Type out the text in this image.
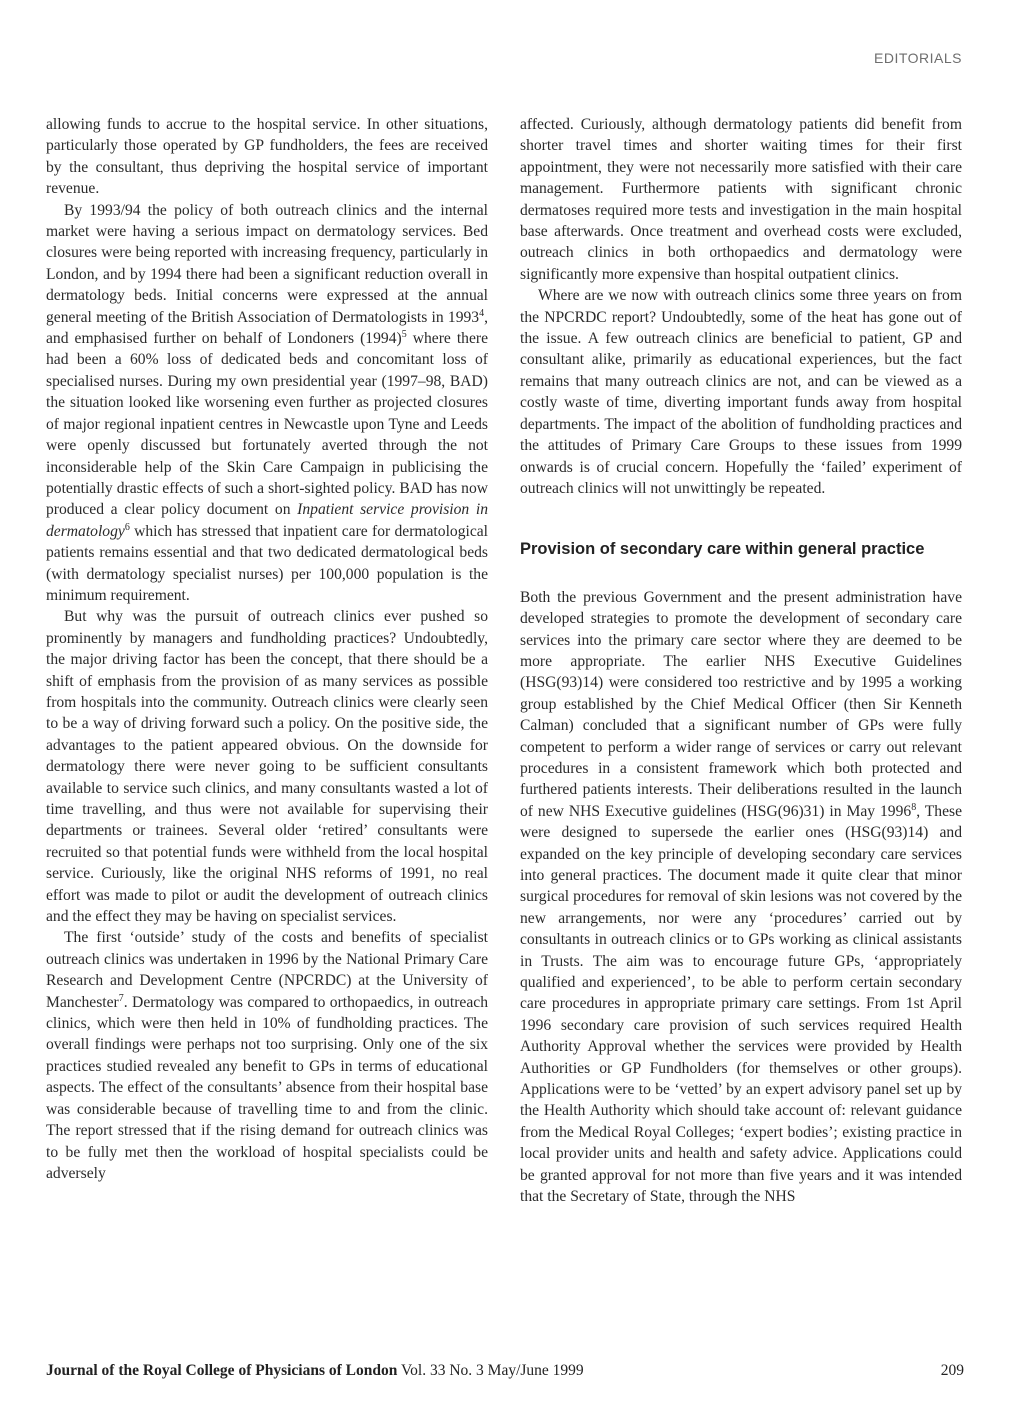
EDITORIALS

allowing funds to accrue to the hospital service. In other situations, particularly those operated by GP fundholders, the fees are received by the consultant, thus depriving the hospital service of important revenue.

By 1993/94 the policy of both outreach clinics and the internal market were having a serious impact on dermatology services. Bed closures were being reported with increasing frequency, particularly in London, and by 1994 there had been a significant reduction overall in dermatology beds. Initial concerns were expressed at the annual general meeting of the British Association of Dermatologists in 1993$^4$, and emphasised further on behalf of Londoners $(1994)^5$ where there had been a 60% loss of dedicated beds and concomitant loss of specialised nurses. During my own presidential year (1997–98, BAD) the situation looked like worsening even further as projected closures of major regional inpatient centres in Newcastle upon Tyne and Leeds were openly discussed but fortunately averted through the not inconsiderable help of the Skin Care Campaign in publicising the potentially drastic effects of such a short-sighted policy. BAD has now produced a clear policy document on Inpatient service provision in dermatology$^6$ which has stressed that inpatient care for dermatological patients remains essential and that two dedicated dermatological beds (with dermatology specialist nurses) per 100,000 population is the minimum requirement.

But why was the pursuit of outreach clinics ever pushed so prominently by managers and fundholding practices? Undoubtedly, the major driving factor has been the concept, that there should be a shift of emphasis from the provision of as many services as possible from hospitals into the community. Outreach clinics were clearly seen to be a way of driving forward such a policy. On the positive side, the advantages to the patient appeared obvious. On the downside for dermatology there were never going to be sufficient consultants available to service such clinics, and many consultants wasted a lot of time travelling, and thus were not available for supervising their departments or trainees. Several older ‘retired’ consultants were recruited so that potential funds were withheld from the local hospital service. Curiously, like the original NHS reforms of 1991, no real effort was made to pilot or audit the development of outreach clinics and the effect they may be having on specialist services.

The first ‘outside’ study of the costs and benefits of specialist outreach clinics was undertaken in 1996 by the National Primary Care Research and Development Centre (NPCRDC) at the University of Manchester$^7$. Dermatology was compared to orthopaedics, in outreach clinics, which were then held in 10% of fundholding practices. The overall findings were perhaps not too surprising. Only one of the six practices studied revealed any benefit to GPs in terms of educational aspects. The effect of the consultants’ absence from their hospital base was considerable because of travelling time to and from the clinic. The report stressed that if the rising demand for outreach clinics was to be fully met then the workload of hospital specialists could be adversely

affected. Curiously, although dermatology patients did benefit from shorter travel times and shorter waiting times for their first appointment, they were not necessarily more satisfied with their care management. Furthermore patients with significant chronic dermatoses required more tests and investigation in the main hospital base afterwards. Once treatment and overhead costs were excluded, outreach clinics in both orthopaedics and dermatology were significantly more expensive than hospital outpatient clinics.

Where are we now with outreach clinics some three years on from the NPCRDC report? Undoubtedly, some of the heat has gone out of the issue. A few outreach clinics are beneficial to patient, GP and consultant alike, primarily as educational experiences, but the fact remains that many outreach clinics are not, and can be viewed as a costly waste of time, diverting important funds away from hospital departments. The impact of the abolition of fundholding practices and the attitudes of Primary Care Groups to these issues from 1999 onwards is of crucial concern. Hopefully the ‘failed’ experiment of outreach clinics will not unwittingly be repeated.

Provision of secondary care within general practice

Both the previous Government and the present administration have developed strategies to promote the development of secondary care services into the primary care sector where they are deemed to be more appropriate. The earlier NHS Executive Guidelines (HSG(93)14) were considered too restrictive and by 1995 a working group established by the Chief Medical Officer (then Sir Kenneth Calman) concluded that a significant number of GPs were fully competent to perform a wider range of services or carry out relevant procedures in a consistent framework which both protected and furthered patients interests. Their deliberations resulted in the launch of new NHS Executive guidelines (HSG(96)31) in May 1996$^8$, These were designed to supersede the earlier ones (HSG(93)14) and expanded on the key principle of developing secondary care services into general practices. The document made it quite clear that minor surgical procedures for removal of skin lesions was not covered by the new arrangements, nor were any ‘procedures’ carried out by consultants in outreach clinics or to GPs working as clinical assistants in Trusts. The aim was to encourage future GPs, ‘appropriately qualified and experienced’, to be able to perform certain secondary care procedures in appropriate primary care settings. From 1st April 1996 secondary care provision of such services required Health Authority Approval whether the services were provided by Health Authorities or GP Fundholders (for themselves or other groups). Applications were to be ‘vetted’ by an expert advisory panel set up by the Health Authority which should take account of: relevant guidance from the Medical Royal Colleges; ‘expert bodies’; existing practice in local provider units and health and safety advice. Applications could be granted approval for not more than five years and it was intended that the Secretary of State, through the NHS

Journal of the Royal College of Physicians of London Vol. 33 No. 3 May/June 1999	209
